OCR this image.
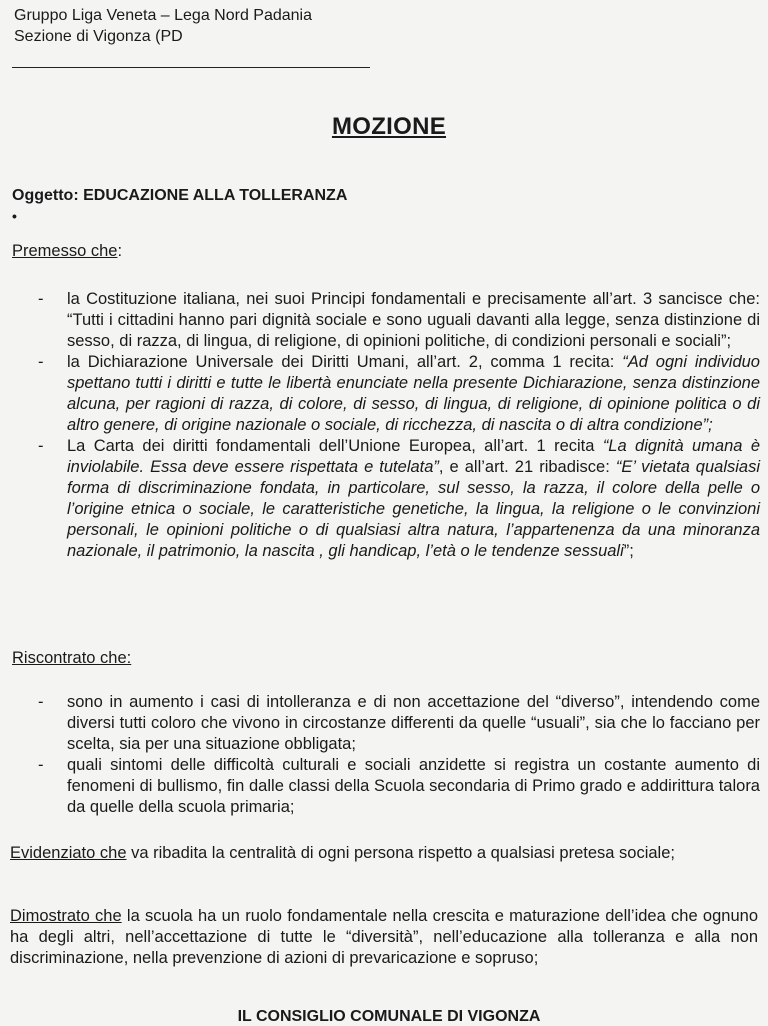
Gruppo Liga Veneta – Lega Nord Padania
Sezione di Vigonza (PD
MOZIONE
Oggetto: EDUCAZIONE ALLA TOLLERANZA
•
Premesso che:
- la Costituzione italiana, nei suoi Principi fondamentali e precisamente all’art. 3 sancisce che: “Tutti i cittadini hanno pari dignità sociale e sono uguali davanti alla legge, senza distinzione di sesso, di razza, di lingua, di religione, di opinioni politiche, di condizioni personali e sociali”;
- la Dichiarazione Universale dei Diritti Umani, all’art. 2, comma 1 recita: “Ad ogni individuo spettano tutti i diritti e tutte le libertà enunciate nella presente Dichiarazione, senza distinzione alcuna, per ragioni di razza, di colore, di sesso, di lingua, di religione, di opinione politica o di altro genere, di origine nazionale o sociale, di ricchezza, di nascita o di altra condizione”;
- La Carta dei diritti fondamentali dell’Unione Europea, all’art. 1 recita “La dignità umana è inviolabile. Essa deve essere rispettata e tutelata”, e all’art. 21 ribadisce: “E’ vietata qualsiasi forma di discriminazione fondata, in particolare, sul sesso, la razza, il colore della pelle o l’origine etnica o sociale, le caratteristiche genetiche, la lingua, la religione o le convinzioni personali, le opinioni politiche o di qualsiasi altra natura, l’appartenenza da una minoranza nazionale, il patrimonio, la nascita , gli handicap, l’età o le tendenze sessuali”;
Riscontrato che:
- sono in aumento i casi di intolleranza e di non accettazione del “diverso”, intendendo come diversi tutti coloro che vivono in circostanze differenti da quelle “usuali”, sia che lo facciano per scelta, sia per una situazione obbligata;
- quali sintomi delle difficoltà culturali e sociali anzidette si registra un costante aumento di fenomeni di bullismo, fin dalle classi della Scuola secondaria di Primo grado e addirittura talora da quelle della scuola primaria;
Evidenziato che va ribadita la centralità di ogni persona rispetto a qualsiasi pretesa sociale;
Dimostrato che la scuola ha un ruolo fondamentale nella crescita e maturazione dell’idea che ognuno ha degli altri, nell’accettazione di tutte le “diversità”, nell’educazione alla tolleranza e alla non discriminazione, nella prevenzione di azioni di prevaricazione e sopruso;
IL CONSIGLIO COMUNALE DI VIGONZA
